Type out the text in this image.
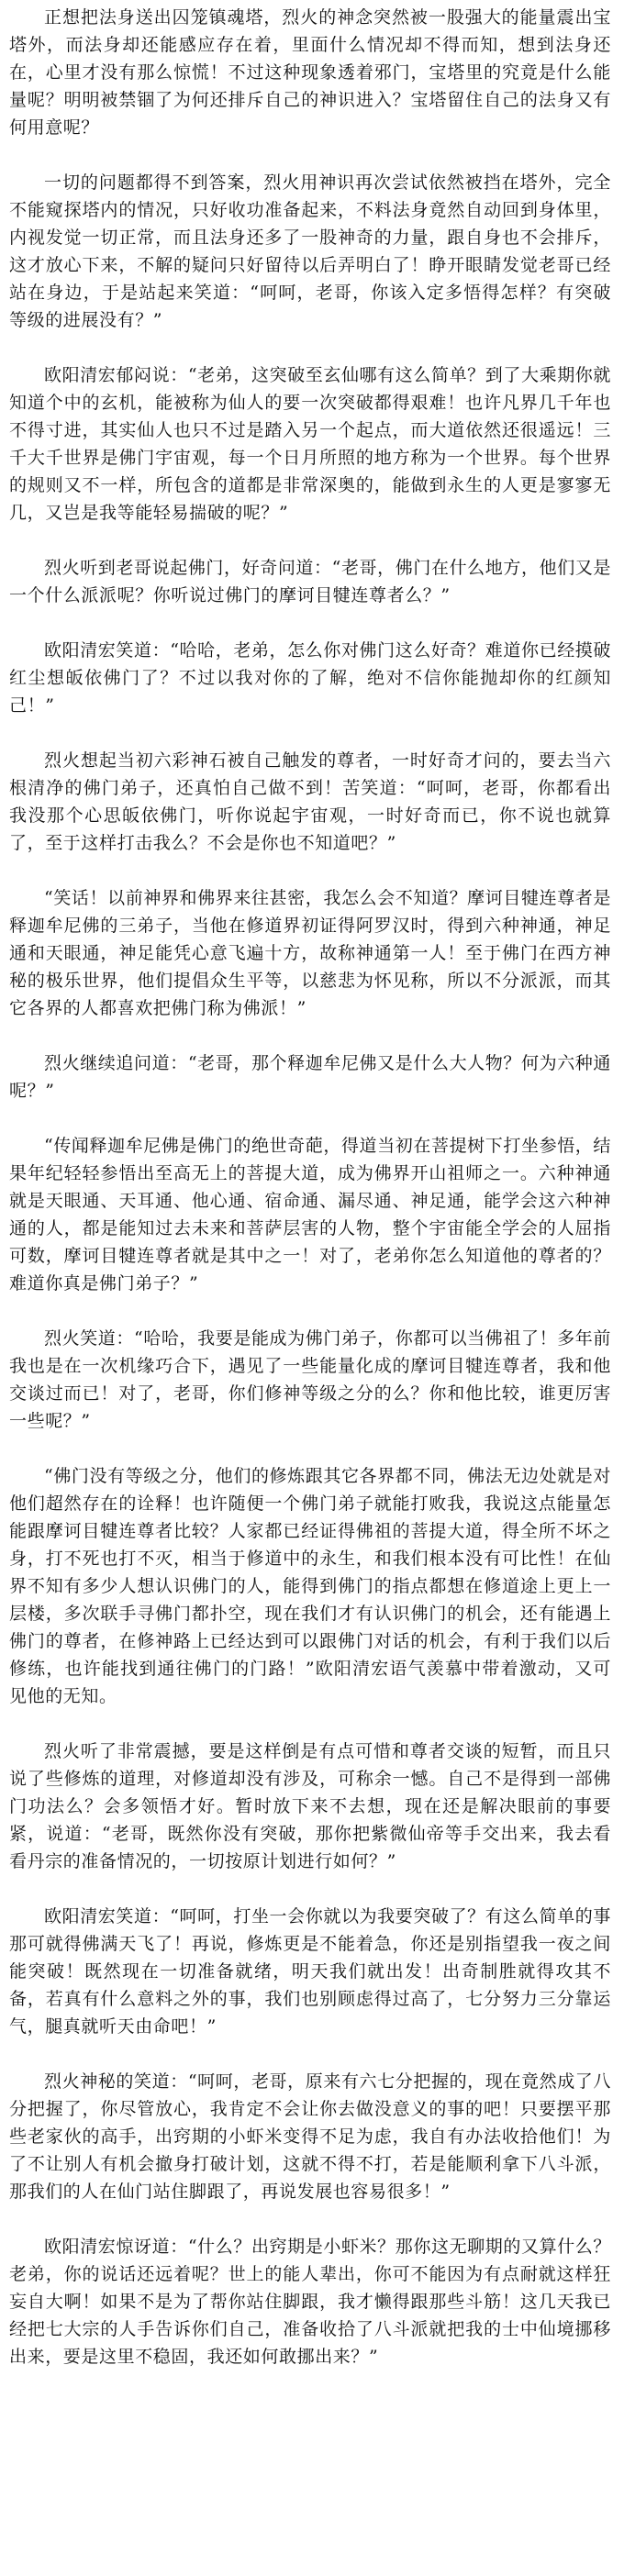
正想把法身送出囚笼镇魂塔，烈火的神念突然被一股强大的能量震出宝塔外，而法身却还能感应存在着，里面什么情况却不得而知，想到法身还在，心里才没有那么惊慌！不过这种现象透着邪门，宝塔里的究竟是什么能量呢？明明被禁锢了为何还排斥自己的神识进入？宝塔留住自己的法身又有何用意呢？

一切的问题都得不到答案，烈火用神识再次尝试依然被挡在塔外，完全不能窥探塔内的情况，只好收功准备起来，不料法身竟然自动回到身体里，内视发觉一切正常，而且法身还多了一股神奇的力量，跟自身也不会排斥，这才放心下来，不解的疑问只好留待以后弄明白了！睁开眼睛发觉老哥已经站在身边，于是站起来笑道：“呵呵，老哥，你该入定多悟得怎样？有突破等级的进展没有？”

欧阳清宏郁闷说：“老弟，这突破至玄仙哪有这么简单？到了大乘期你就知道个中的玄机，能被称为仙人的要一次突破都得艰难！也许凡界几千年也不得寸进，其实仙人也只不过是踏入另一个起点，而大道依然还很遥远！三千大千世界是佛门宇宙观，每一个日月所照的地方称为一个世界。每个世界的规则又不一样，所包含的道都是非常深奥的，能做到永生的人更是寥寥无几，又岂是我等能轻易揣破的呢？”

烈火听到老哥说起佛门，好奇问道：“老哥，佛门在什么地方，他们又是一个什么派派呢？你听说过佛门的摩诃目犍连尊者么？”

欧阳清宏笑道：“哈哈，老弟，怎么你对佛门这么好奇？难道你已经摸破红尘想皈依佛门了？不过以我对你的了解，绝对不信你能抛却你的红颜知己！”

烈火想起当初六彩神石被自己触发的尊者，一时好奇才问的，要去当六根清净的佛门弟子，还真怕自己做不到！苦笑道：“呵呵，老哥，你都看出我没那个心思皈依佛门，听你说起宇宙观，一时好奇而已，你不说也就算了，至于这样打击我么？不会是你也不知道吧？”

“笑话！以前神界和佛界来往甚密，我怎么会不知道？摩诃目犍连尊者是释迦牟尼佛的三弟子，当他在修道界初证得阿罗汉时，得到六种神通，神足通和天眼通，神足能凭心意飞遍十方，故称神通第一人！至于佛门在西方神秘的极乐世界，他们提倡众生平等，以慈悲为怀见称，所以不分派派，而其它各界的人都喜欢把佛门称为佛派！”

烈火继续追问道：“老哥，那个释迦牟尼佛又是什么大人物？何为六种通呢？”

“传闻释迦牟尼佛是佛门的绝世奇葩，得道当初在菩提树下打坐参悟，结果年纪轻轻参悟出至高无上的菩提大道，成为佛界开山祖师之一。六种神通就是天眼通、天耳通、他心通、宿命通、漏尽通、神足通，能学会这六种神通的人，都是能知过去未来和菩萨层害的人物，整个宇宙能全学会的人屈指可数，摩诃目犍连尊者就是其中之一！对了，老弟你怎么知道他的尊者的？难道你真是佛门弟子？”

烈火笑道：“哈哈，我要是能成为佛门弟子，你都可以当佛祖了！多年前我也是在一次机缘巧合下，遇见了一些能量化成的摩诃目犍连尊者，我和他交谈过而已！对了，老哥，你们修神等级之分的么？你和他比较，谁更厉害一些呢？”

“佛门没有等级之分，他们的修炼跟其它各界都不同，佛法无边处就是对他们超然存在的诠释！也许随便一个佛门弟子就能打败我，我说这点能量怎能跟摩诃目犍连尊者比较？人家都已经证得佛祖的菩提大道，得全所不坏之身，打不死也打不灭，相当于修道中的永生，和我们根本没有可比性！在仙界不知有多少人想认识佛门的人，能得到佛门的指点都想在修道途上更上一层楼，多次联手寻佛门都扑空，现在我们才有认识佛门的机会，还有能遇上佛门的尊者，在修神路上已经达到可以跟佛门对话的机会，有利于我们以后修练，也许能找到通往佛门的门路！”欧阳清宏语气羡慕中带着激动，又可见他的无知。

烈火听了非常震撼，要是这样倒是有点可惜和尊者交谈的短暂，而且只说了些修炼的道理，对修道却没有涉及，可称余一憾。自己不是得到一部佛门功法么？会多领悟才好。暂时放下来不去想，现在还是解决眼前的事要紧，说道：“老哥，既然你没有突破，那你把紫微仙帝等手交出来，我去看看丹宗的准备情况的，一切按原计划进行如何？”

欧阳清宏笑道：“呵呵，打坐一会你就以为我要突破了？有这么简单的事那可就得佛满天飞了！再说，修炼更是不能着急，你还是别指望我一夜之间能突破！既然现在一切准备就绪，明天我们就出发！出奇制胜就得攻其不备，若真有什么意料之外的事，我们也别顾虑得过高了，七分努力三分靠运气，腿真就听天由命吧！”

烈火神秘的笑道：“呵呵，老哥，原来有六七分把握的，现在竟然成了八分把握了，你尽管放心，我肯定不会让你去做没意义的事的吧！只要摆平那些老家伙的高手，出窍期的小虾米变得不足为虑，我自有办法收拾他们！为了不让别人有机会撤身打破计划，这就不得不打，若是能顺利拿下八斗派，那我们的人在仙门站住脚跟了，再说发展也容易很多！”

欧阳清宏惊讶道：“什么？出窍期是小虾米？那你这无聊期的又算什么？老弟，你的说话还远着呢？世上的能人辈出，你可不能因为有点耐就这样狂妄自大啊！如果不是为了帮你站住脚跟，我才懒得跟那些斗筋！这几天我已经把七大宗的人手告诉你们自己，准备收拾了八斗派就把我的士中仙境挪移出来，要是这里不稳固，我还如何敢挪出来？”
